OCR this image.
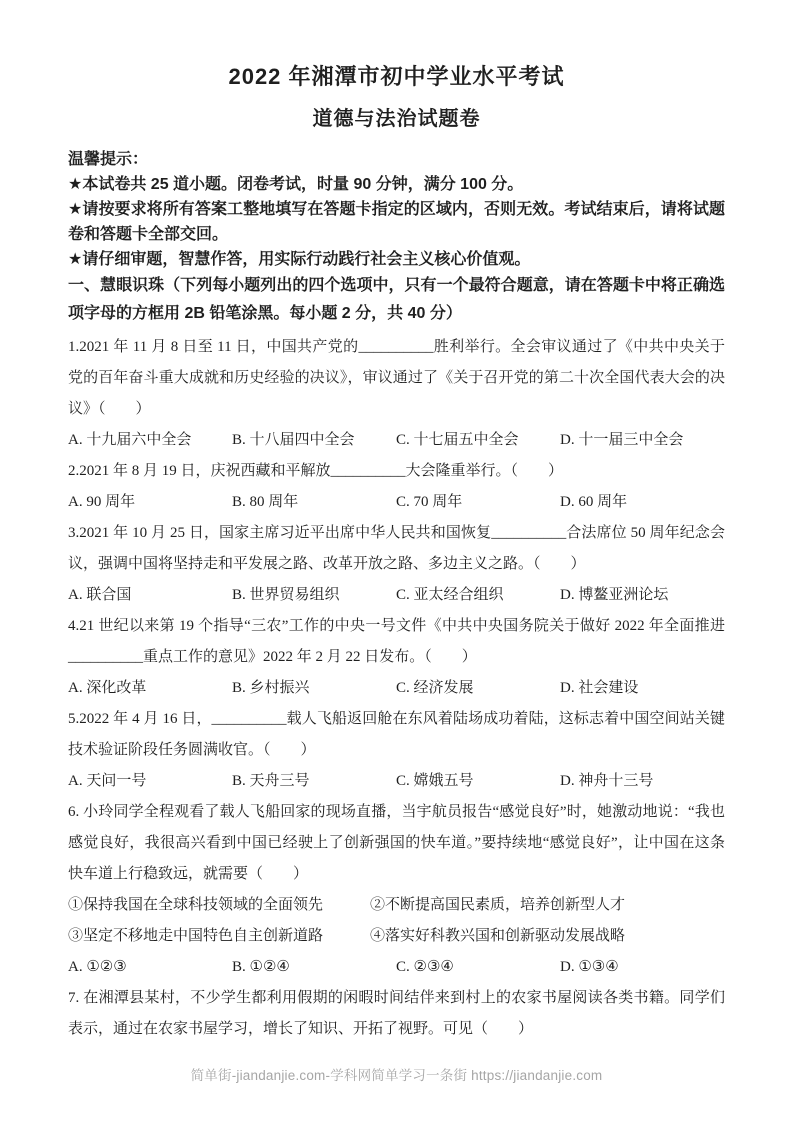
2022 年湘潭市初中学业水平考试
道德与法治试题卷

温馨提示：

★本试卷共 25 道小题。闭卷考试，时量 90 分钟，满分 100 分。

★请按要求将所有答案工整地填写在答题卡指定的区域内，否则无效。考试结束后，请将试题卷和答题卡全部交回。

★请仔细审题，智慧作答，用实际行动践行社会主义核心价值观。

一、慧眼识珠（下列每小题列出的四个选项中，只有一个最符合题意，请在答题卡中将正确选项字母的方框用 2B 铅笔涂黑。每小题 2 分，共 40 分）

1.2021 年 11 月 8 日至 11 日，中国共产党的__________胜利举行。全会审议通过了《中共中央关于党的百年奋斗重大成就和历史经验的决议》，审议通过了《关于召开党的第二十次全国代表大会的决议》（　　）

A. 十九届六中全会	B. 十八届四中全会	C. 十七届五中全会	D. 十一届三中全会

2.2021 年 8 月 19 日，庆祝西藏和平解放__________大会隆重举行。（　　）

A. 90 周年	B. 80 周年	C. 70 周年	D. 60 周年

3.2021 年 10 月 25 日，国家主席习近平出席中华人民共和国恢复__________合法席位 50 周年纪念会议，强调中国将坚持走和平发展之路、改革开放之路、多边主义之路。（　　）

A. 联合国	B. 世界贸易组织	C. 亚太经合组织	D. 博鳌亚洲论坛

4.21 世纪以来第 19 个指导“三农”工作的中央一号文件《中共中央国务院关于做好 2022 年全面推进__________重点工作的意见》2022 年 2 月 22 日发布。（　　）

A. 深化改革	B. 乡村振兴	C. 经济发展	D. 社会建设

5.2022 年 4 月 16 日，__________载人飞船返回舱在东风着陆场成功着陆，这标志着中国空间站关键技术验证阶段任务圆满收官。（　　）

A. 天问一号	B. 天舟三号	C. 嫦娥五号	D. 神舟十三号

6. 小玲同学全程观看了载人飞船回家的现场直播，当宇航员报告“感觉良好”时，她激动地说：“我也感觉良好，我很高兴看到中国已经驶上了创新强国的快车道。”要持续地“感觉良好”，让中国在这条快车道上行稳致远，就需要（　　）

①保持我国在全球科技领域的全面领先	②不断提高国民素质，培养创新型人才
③坚定不移地走中国特色自主创新道路	④落实好科教兴国和创新驱动发展战略
A. ①②③	B. ①②④	C. ②③④	D. ①③④

7. 在湘潭县某村，不少学生都利用假期的闲暇时间结伴来到村上的农家书屋阅读各类书籍。同学们表示，通过在农家书屋学习，增长了知识、开拓了视野。可见（　　）

简单街-jiandanjie.com-学科网简单学习一条街 https://jiandanjie.com
